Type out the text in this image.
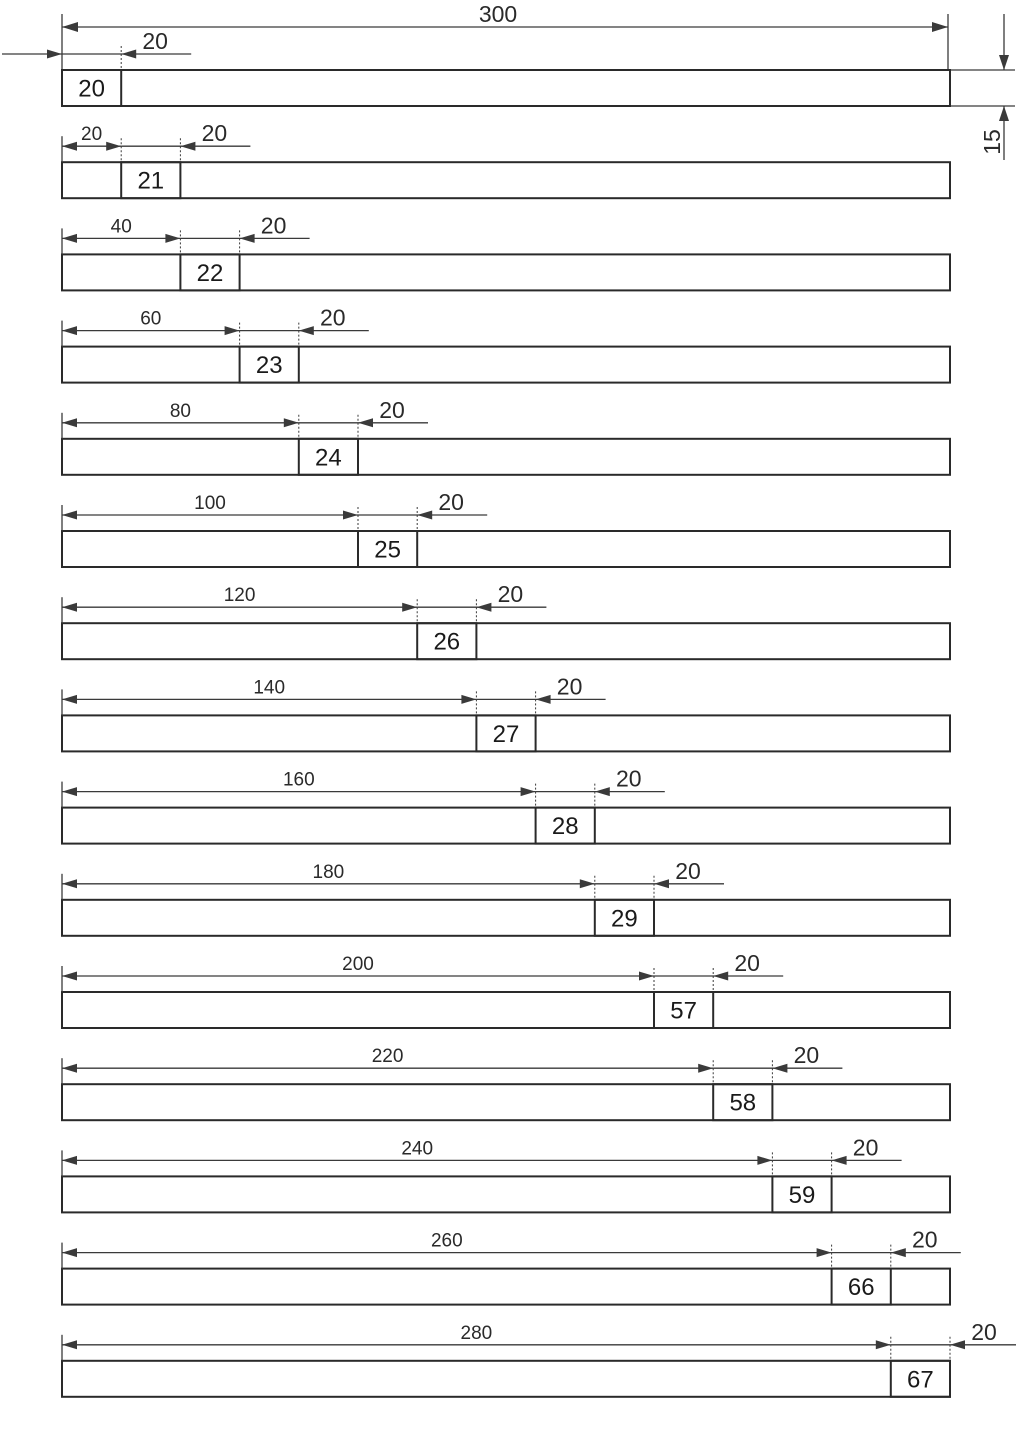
300
15
20
20
21
20	20
22
40	20
23
60	20
24
80	20
25
100	20
26
120	20
27
140	20
28
160	20
29
180	20
57
200	20
58
220	20
59
240	20
66
260	20
67
280	20
